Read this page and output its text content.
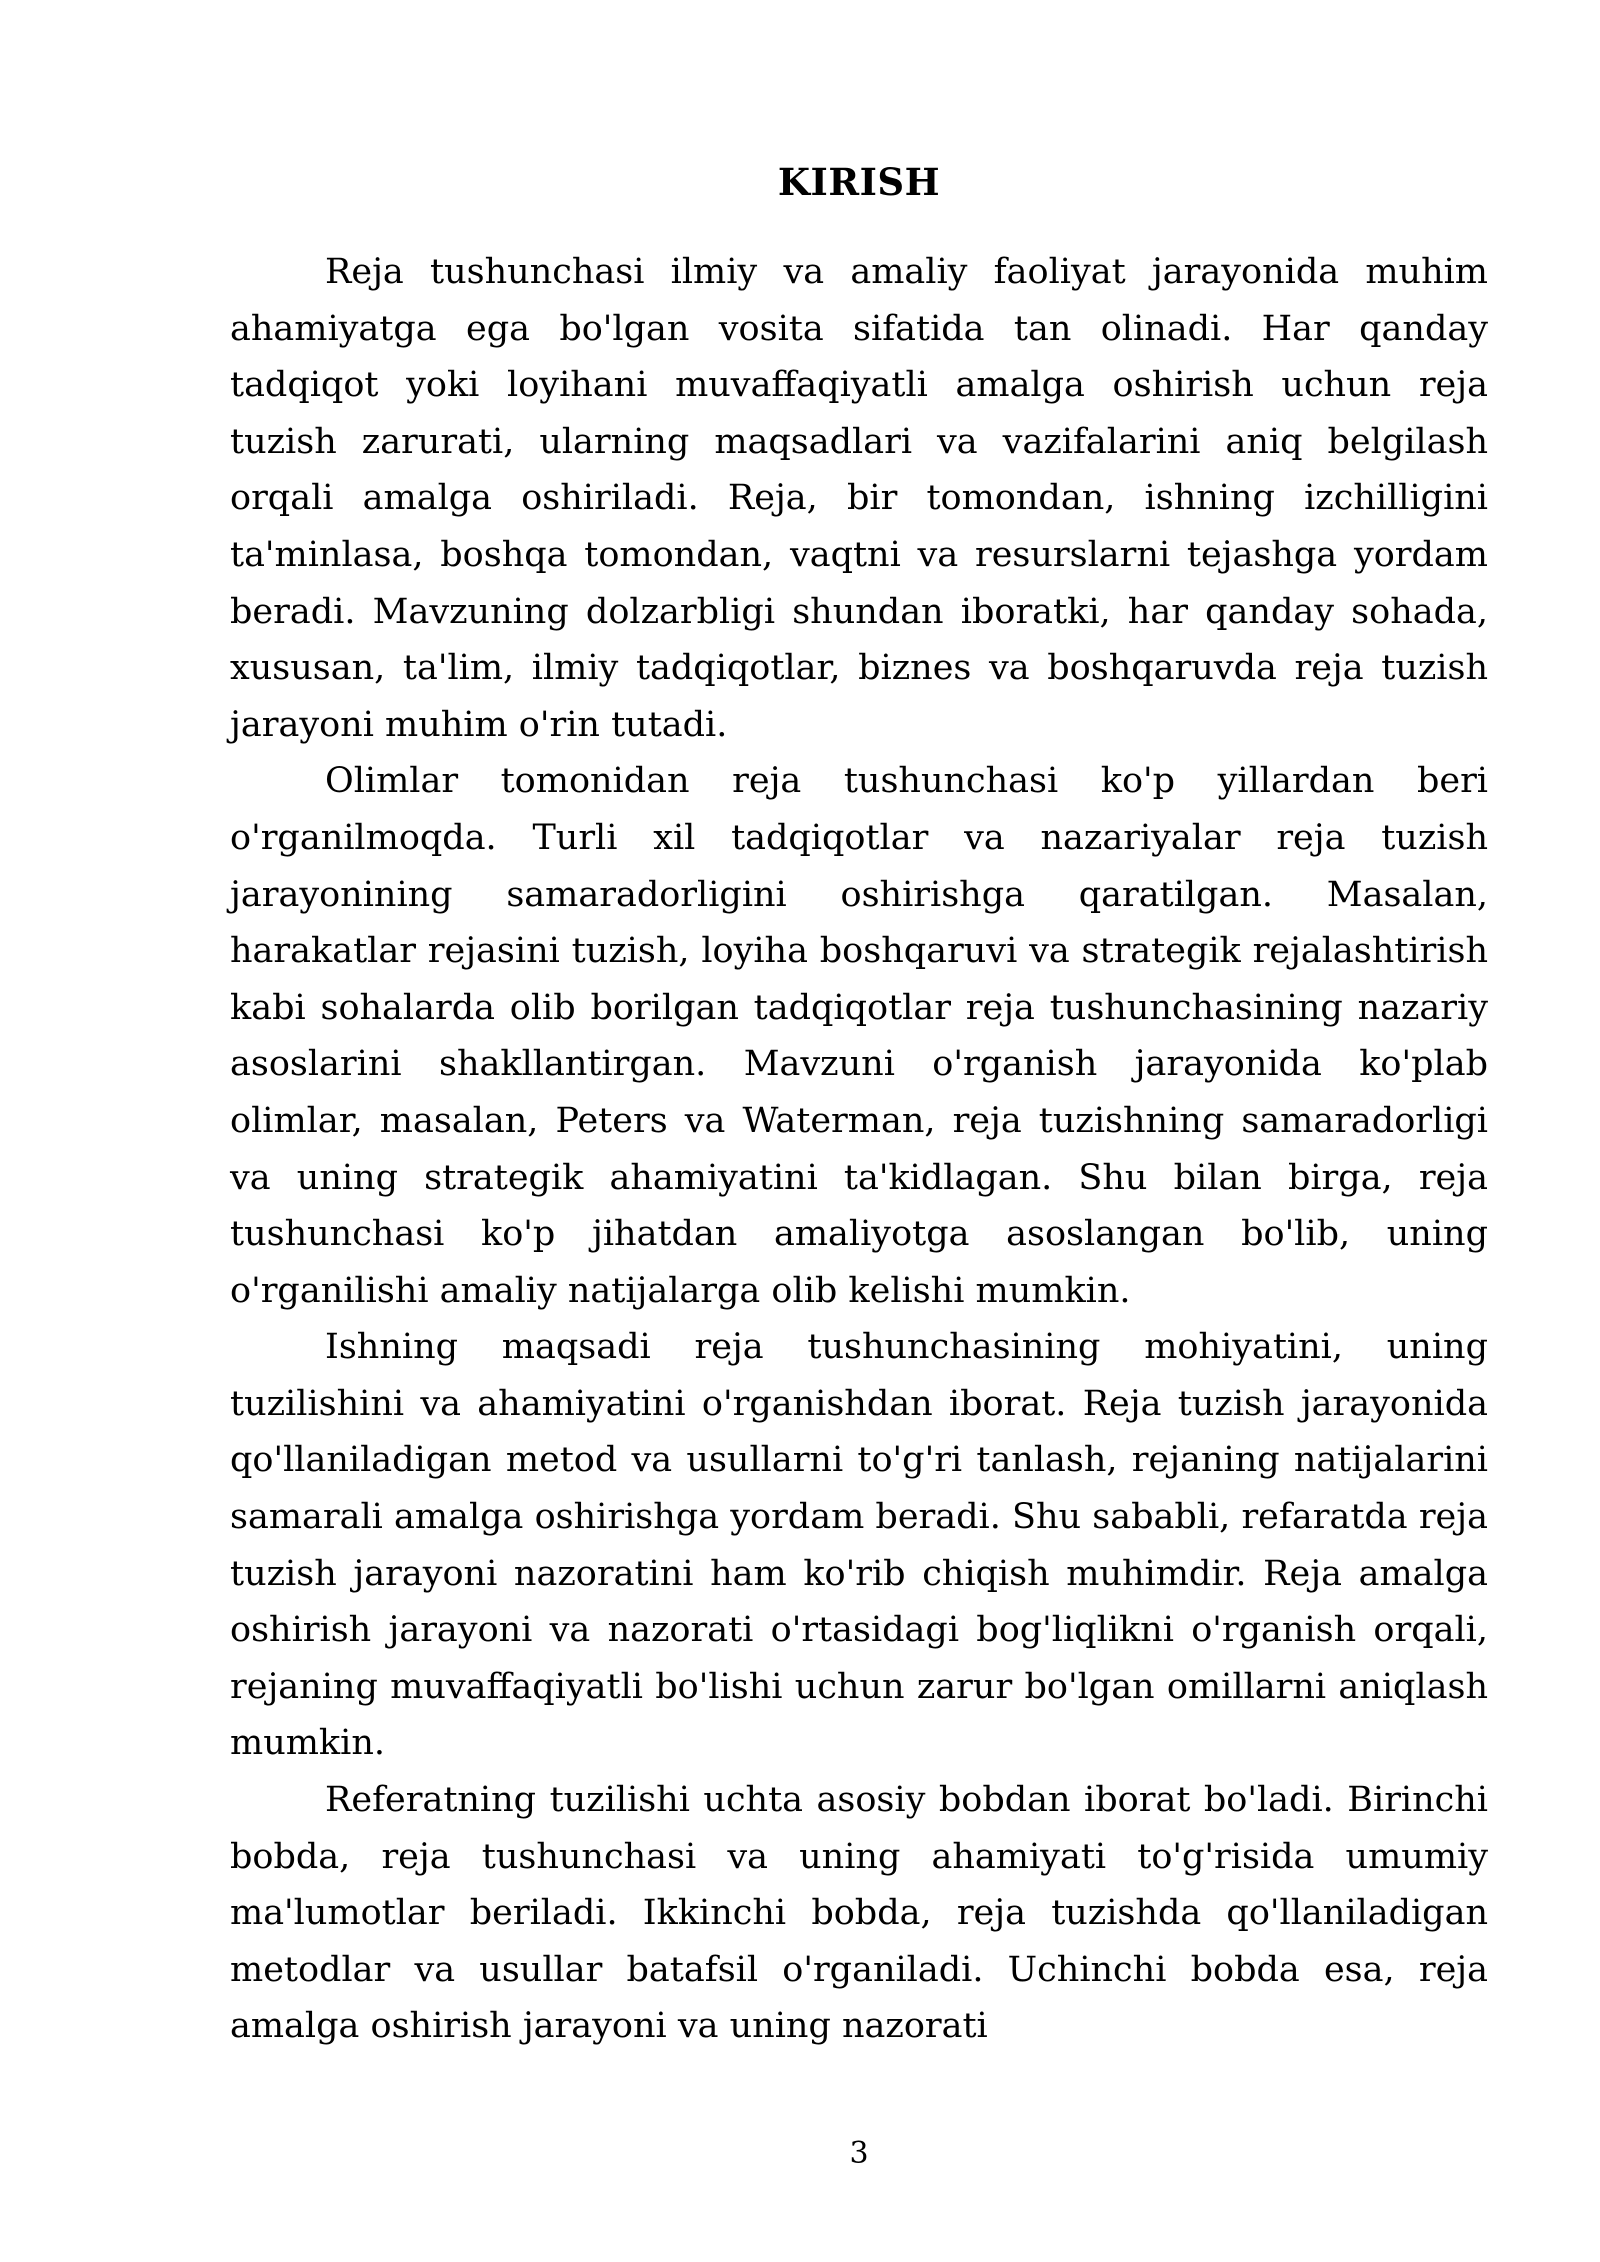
KIRISH

Reja tushunchasi ilmiy va amaliy faoliyat jarayonida muhim ahamiyatga ega bo'lgan vosita sifatida tan olinadi. Har qanday tadqiqot yoki loyihani muvaffaqiyatli amalga oshirish uchun reja tuzish zarurati, ularning maqsadlari va vazifalarini aniq belgilash orqali amalga oshiriladi. Reja, bir tomondan, ishning izchilligini ta'minlasa, boshqa tomondan, vaqtni va resurslarni tejashga yordam beradi. Mavzuning dolzarbligi shundan iboratki, har qanday sohada, xususan, ta'lim, ilmiy tadqiqotlar, biznes va boshqaruvda reja tuzish jarayoni muhim o'rin tutadi.

Olimlar tomonidan reja tushunchasi ko'p yillardan beri o'rganilmoqda. Turli xil tadqiqotlar va nazariyalar reja tuzish jarayonining samaradorligini oshirishga qaratilgan. Masalan, harakatlar rejasini tuzish, loyiha boshqaruvi va strategik rejalashtirish kabi sohalarda olib borilgan tadqiqotlar reja tushunchasining nazariy asoslarini shakllantirgan. Mavzuni o'rganish jarayonida ko'plab olimlar, masalan, Peters va Waterman, reja tuzishning samaradorligi va uning strategik ahamiyatini ta'kidlagan. Shu bilan birga, reja tushunchasi ko'p jihatdan amaliyotga asoslangan bo'lib, uning o'rganilishi amaliy natijalarga olib kelishi mumkin.

Ishning maqsadi reja tushunchasining mohiyatini, uning tuzilishini va ahamiyatini o'rganishdan iborat. Reja tuzish jarayonida qo'llaniladigan metod va usullarni to'g'ri tanlash, rejaning natijalarini samarali amalga oshirishga yordam beradi. Shu sababli, refaratda reja tuzish jarayoni nazoratini ham ko'rib chiqish muhimdir. Reja amalga oshirish jarayoni va nazorati o'rtasidagi bog'liqlikni o'rganish orqali, rejaning muvaffaqiyatli bo'lishi uchun zarur bo'lgan omillarni aniqlash mumkin.

Referatning tuzilishi uchta asosiy bobdan iborat bo'ladi. Birinchi bobda, reja tushunchasi va uning ahamiyati to'g'risida umumiy ma'lumotlar beriladi. Ikkinchi bobda, reja tuzishda qo'llaniladigan metodlar va usullar batafsil o'rganiladi. Uchinchi bobda esa, reja amalga oshirish jarayoni va uning nazorati

3
